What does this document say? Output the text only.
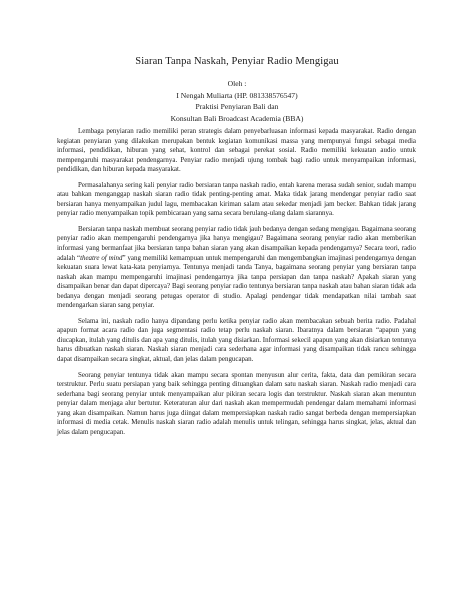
Siaran Tanpa Naskah, Penyiar Radio Mengigau
Oleh :
I Nengah Muliarta (HP. 081338576547)
Praktisi Penyiaran Bali dan
Konsultan Bali Broadcast Academia (BBA)

Lembaga penyiaran radio memiliki peran strategis dalam penyebarluasan informasi kepada masyarakat. Radio dengan kegiatan penyiaran yang dilakukan merupakan bentuk kegiatan komunikasi massa yang mempunyai fungsi sebagai media informasi, pendidikan, hiburan yang sehat, kontrol dan sebagai perekat sosial. Radio memiliki kekuatan audio untuk mempengaruhi masyarakat pendengarnya. Penyiar radio menjadi ujung tombak bagi radio untuk menyampaikan informasi, pendidikan, dan hiburan kepada masyarakat.

Permasalahanya sering kali penyiar radio bersiaran tanpa naskah radio, entah karena merasa sudah senior, sudah mampu atau bahkan menganggap naskah siaran radio tidak penting-penting amat. Maka tidak jarang mendengar penyiar radio saat bersiaran hanya menyampaikan judul lagu, membacakan kiriman salam atau sekedar menjadi jam becker. Bahkan tidak jarang penyiar radio menyampaikan topik pembicaraan yang sama secara berulang-ulang dalam siarannya.

Bersiaran tanpa naskah membuat seorang penyiar radio tidak jauh bedanya dengan sedang mengigau. Bagaimana seorang penyiar radio akan mempengaruhi pendengarnya jika hanya mengigau? Bagaimana seorang penyiar radio akan memberikan informasi yang bermanfaat jika bersiaran tanpa bahan siaran yang akan disampaikan kepada pendengarnya? Secara teori, radio adalah “theatre of mind” yang memiliki kemampuan untuk mempengaruhi dan mengembangkan imajinasi pendengarnya dengan kekuatan suara lewat kata-kata penyiarnya. Tentunya menjadi tanda Tanya, bagaimana seorang penyiar yang bersiaran tanpa naskah akan mampu mempengaruhi imajinasi pendengarnya jika tanpa persiapan dan tanpa naskah? Apakah siaran yang disampaikan benar dan dapat dipercaya? Bagi seorang penyiar radio tentunya bersiaran tanpa naskah atau bahan siaran tidak ada bedanya dengan menjadi seorang petugas operator di studio. Apalagi pendengar tidak mendapatkan nilai tambah saat mendengarkan siaran sang penyiar.

Selama ini, naskah radio hanya dipandang perlu ketika penyiar radio akan membacakan sebuah berita radio. Padahal apapun format acara radio dan juga segmentasi radio tetap perlu naskah siaran. Ibaratnya dalam bersiaran “apapun yang diucapkan, itulah yang ditulis dan apa yang ditulis, itulah yang disiarkan. Informasi sekecil apapun yang akan disiarkan tentunya harus dibuatkan naskah siaran. Naskah siaran menjadi cara sederhana agar informasi yang disampaikan tidak rancu sehingga dapat disampaikan secara singkat, aktual, dan jelas dalam pengucapan.

Seorang penyiar tentunya tidak akan mampu secara spontan menyusun alur cerita, fakta, data dan pemikiran secara terstruktur. Perlu suatu persiapan yang baik sehingga penting dituangkan dalam satu naskah siaran. Naskah radio menjadi cara sederhana bagi seorang penyiar untuk menyampaikan alur pikiran secara logis dan terstruktur. Naskah siaran akan menuntun penyiar dalam menjaga alur bertutur. Keteraturan alur dari naskah akan mempermudah pendengar dalam memahami informasi yang akan disampaikan. Namun harus juga diingat dalam mempersiapkan naskah radio sangat berbeda dengan mempersiapkan informasi di media cetak. Menulis naskah siaran radio adalah menulis untuk telingan, sehingga harus singkat, jelas, aktual dan jelas dalam pengucapan.
